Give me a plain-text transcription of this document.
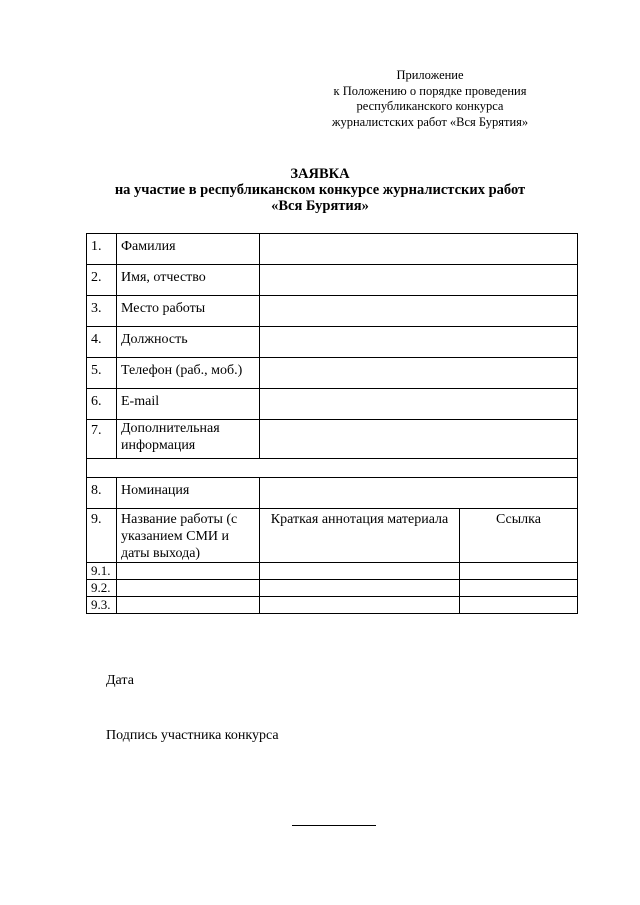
Приложение
к Положению о порядке проведения
республиканского конкурса
журналистских работ «Вся Бурятия»
ЗАЯВКА
на участие в республиканском конкурсе журналистских работ
«Вся Бурятия»
1.	Фамилия		
2.	Имя, отчество		
3.	Место работы		
4.	Должность		
5.	Телефон (раб., моб.)		
6.	E-mail		
7.	Дополнительная информация		

8.	Номинация		
9.	Название работы (с указанием СМИ и даты выхода)	Краткая аннотация материала	Ссылка
9.1.			
9.2.			
9.3.			
Дата
Подпись участника конкурса
